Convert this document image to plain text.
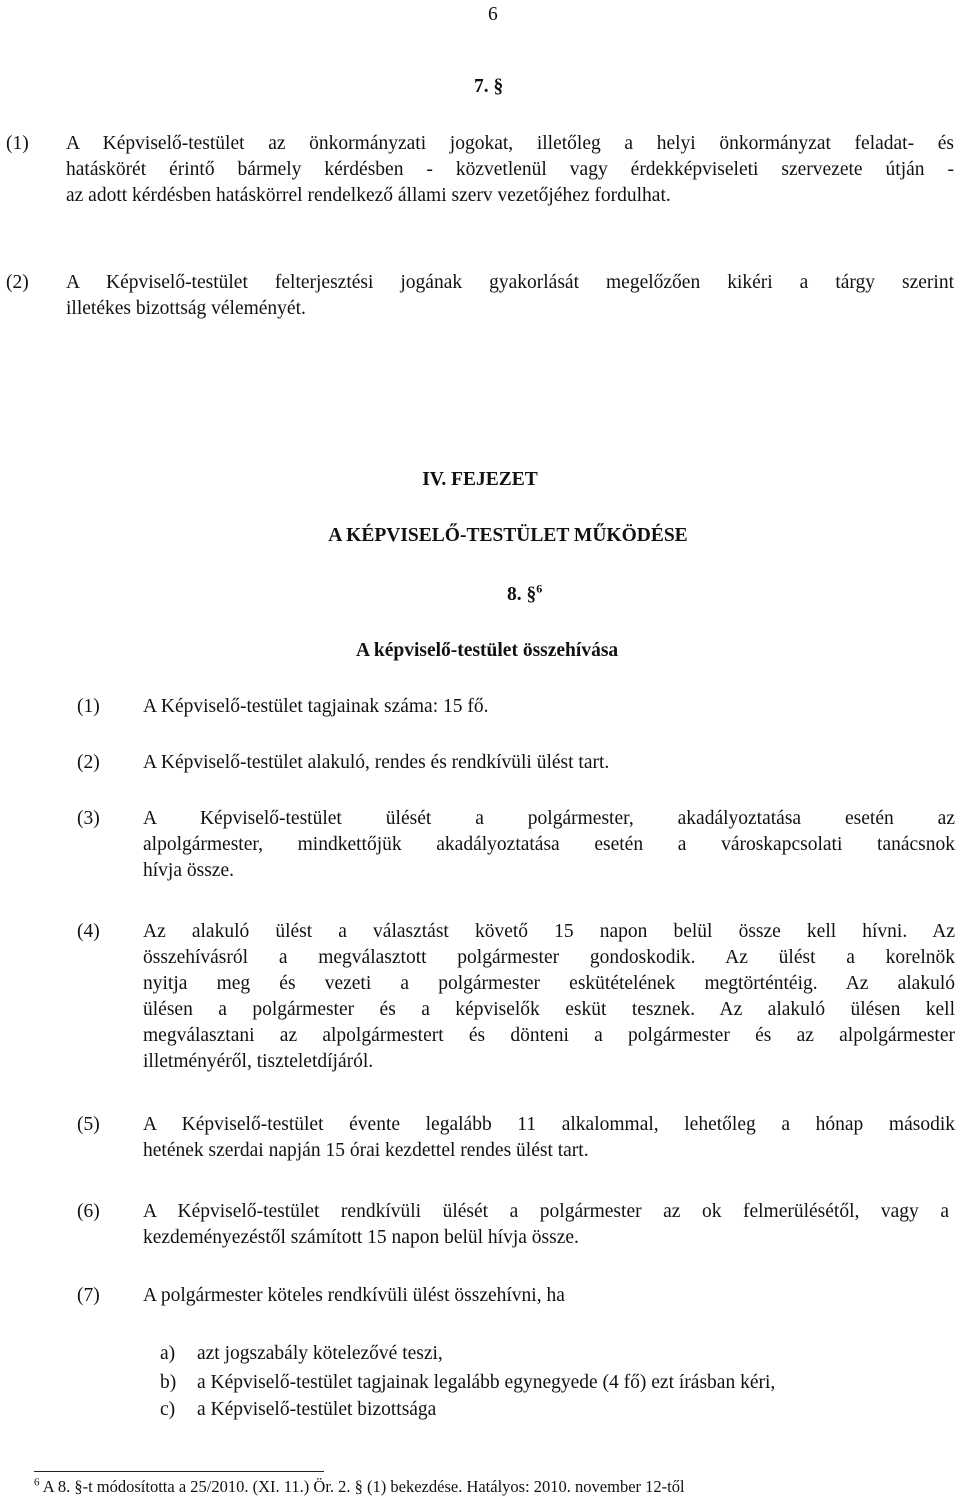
6
7. §
(1) A Képviselő-testület az önkormányzati jogokat, illetőleg a helyi önkormányzat feladat- és
hatáskörét érintő bármely kérdésben - közvetlenül vagy érdekképviseleti szervezete útján -
az adott kérdésben hatáskörrel rendelkező állami szerv vezetőjéhez fordulhat.
(2) A Képviselő-testület felterjesztési jogának gyakorlását megelőzően kikéri a tárgy szerint
illetékes bizottság véleményét.
IV. FEJEZET
A KÉPVISELŐ-TESTÜLET MŰKÖDÉSE
8. §$^6$
A képviselő-testület összehívása
(1) A Képviselő-testület tagjainak száma: 15 fő.
(2) A Képviselő-testület alakuló, rendes és rendkívüli ülést tart.
(3) A Képviselő-testület ülését a polgármester, akadályoztatása esetén az
alpolgármester, mindkettőjük akadályoztatása esetén a városkapcsolati tanácsnok
hívja össze.
(4) Az alakuló ülést a választást követő 15 napon belül össze kell hívni. Az
összehívásról a megválasztott polgármester gondoskodik. Az ülést a korelnök
nyitja meg és vezeti a polgármester eskütételének megtörténtéig. Az alakuló
ülésen a polgármester és a képviselők esküt tesznek. Az alakuló ülésen kell
megválasztani az alpolgármestert és dönteni a polgármester és az alpolgármester
illetményéről, tiszteletdíjáról.
(5) A Képviselő-testület évente legalább 11 alkalommal, lehetőleg a hónap második
hetének szerdai napján 15 órai kezdettel rendes ülést tart.
(6) A Képviselő-testület rendkívüli ülését a polgármester az ok felmerülésétől, vagy a
kezdeményezéstől számított 15 napon belül hívja össze.
(7) A polgármester köteles rendkívüli ülést összehívni, ha
a) azt jogszabály kötelezővé teszi,
b) a Képviselő-testület tagjainak legalább egynegyede (4 fő) ezt írásban kéri,
c) a Képviselő-testület bizottsága
$^6$ A 8. §-t módosította a 25/2010. (XI. 11.) Ör. 2. § (1) bekezdése. Hatályos: 2010. november 12-től
